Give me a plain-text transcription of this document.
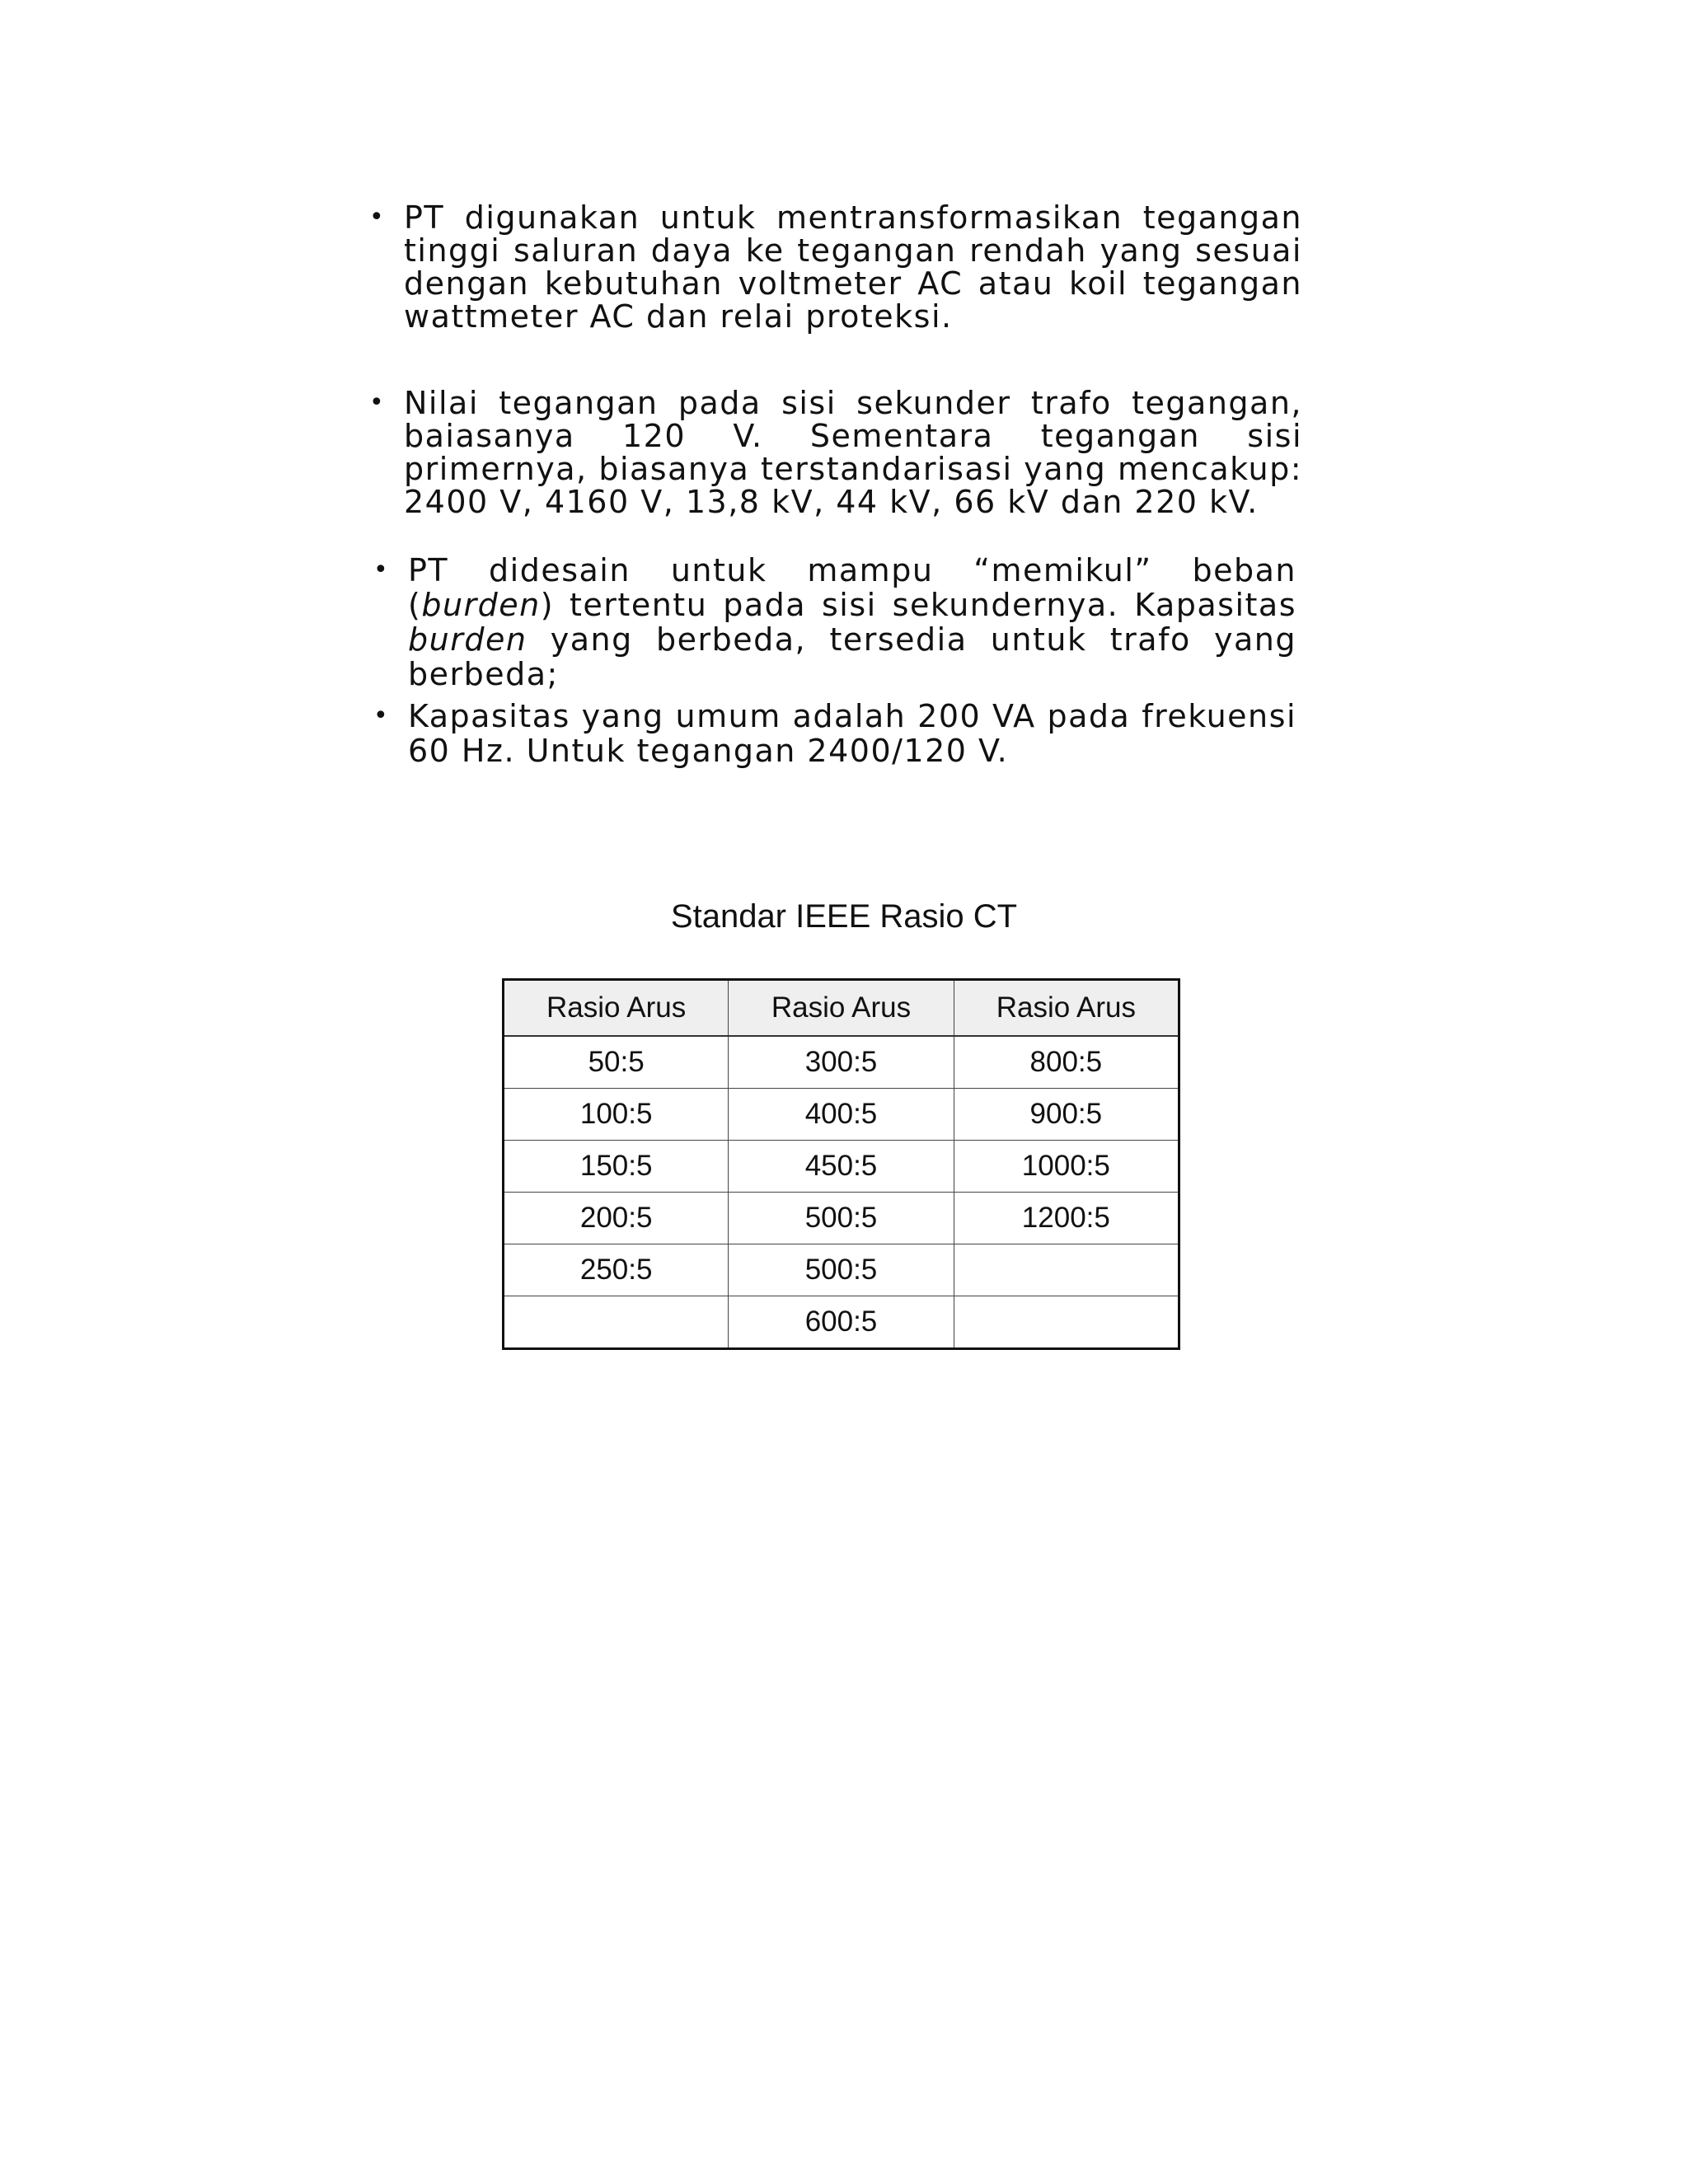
• PT digunakan untuk mentransformasikan tegangan tinggi saluran daya ke tegangan rendah yang sesuai dengan kebutuhan voltmeter AC atau koil tegangan wattmeter AC dan relai proteksi.
• Nilai tegangan pada sisi sekunder trafo tegangan, baiasanya 120 V. Sementara tegangan sisi primernya, biasanya terstandarisasi yang mencakup: 2400 V, 4160 V, 13,8 kV, 44 kV, 66 kV dan 220 kV.
• PT didesain untuk mampu “memikul” beban (burden) tertentu pada sisi sekundernya. Kapasitas burden yang berbeda, tersedia untuk trafo yang berbeda;
• Kapasitas yang umum adalah 200 VA pada frekuensi 60 Hz. Untuk tegangan 2400/120 V.
Standar IEEE Rasio CT
Rasio Arus	Rasio Arus	Rasio Arus
50:5	300:5	800:5
100:5	400:5	900:5
150:5	450:5	1000:5
200:5	500:5	1200:5
250:5	500:5	
	600:5	
